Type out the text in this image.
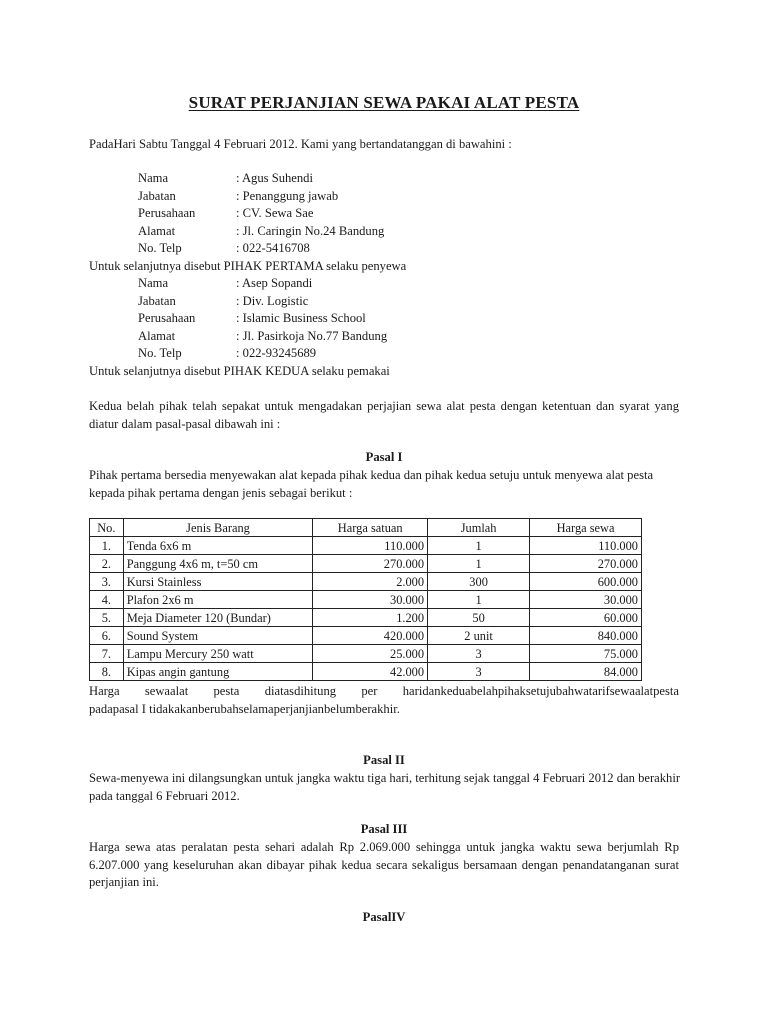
SURAT PERJANJIAN SEWA PAKAI ALAT PESTA
PadaHari Sabtu Tanggal 4 Februari 2012. Kami yang bertandatanggan di bawahini :
Nama	: Agus Suhendi
Jabatan	: Penanggung jawab
Perusahaan	: CV. Sewa Sae
Alamat	: Jl. Caringin No.24 Bandung
No. Telp	: 022-5416708
Untuk selanjutnya disebut PIHAK PERTAMA selaku penyewa
Nama	: Asep Sopandi
Jabatan	: Div. Logistic
Perusahaan	: Islamic Business School
Alamat	: Jl. Pasirkoja No.77 Bandung
No. Telp	: 022-93245689
Untuk selanjutnya disebut PIHAK KEDUA selaku pemakai
Kedua belah pihak telah sepakat untuk mengadakan perjajian sewa alat pesta dengan ketentuan dan syarat yang diatur dalam pasal-pasal dibawah ini :
Pasal I
Pihak pertama bersedia menyewakan alat kepada pihak kedua dan pihak kedua setuju untuk menyewa alat pesta kepada pihak pertama dengan jenis sebagai berikut :
No.	Jenis Barang	Harga satuan	Jumlah	Harga sewa
1.	Tenda 6x6 m	110.000	1	110.000
2.	Panggung 4x6 m, t=50 cm	270.000	1	270.000
3.	Kursi Stainless	2.000	300	600.000
4.	Plafon 2x6 m	30.000	1	30.000
5.	Meja Diameter 120 (Bundar)	1.200	50	60.000
6.	Sound System	420.000	2 unit	840.000
7.	Lampu Mercury 250 watt	25.000	3	75.000
8.	Kipas angin gantung	42.000	3	84.000
Harga sewaalat pesta diatasdihitung per haridankeduabelahpihaksetujubahwatarifsewaalatpesta
padapasal I tidakakanberubahselamaperjanjianbelumberakhir.
Pasal II
Sewa-menyewa ini dilangsungkan untuk jangka waktu tiga hari, terhitung sejak tanggal 4 Februari 2012 dan berakhir pada tanggal 6 Februari 2012.
Pasal III
Harga sewa atas peralatan pesta sehari adalah Rp 2.069.000 sehingga untuk jangka waktu sewa berjumlah Rp 6.207.000 yang keseluruhan akan dibayar pihak kedua secara sekaligus bersamaan dengan penandatanganan surat perjanjian ini.
PasalIV
